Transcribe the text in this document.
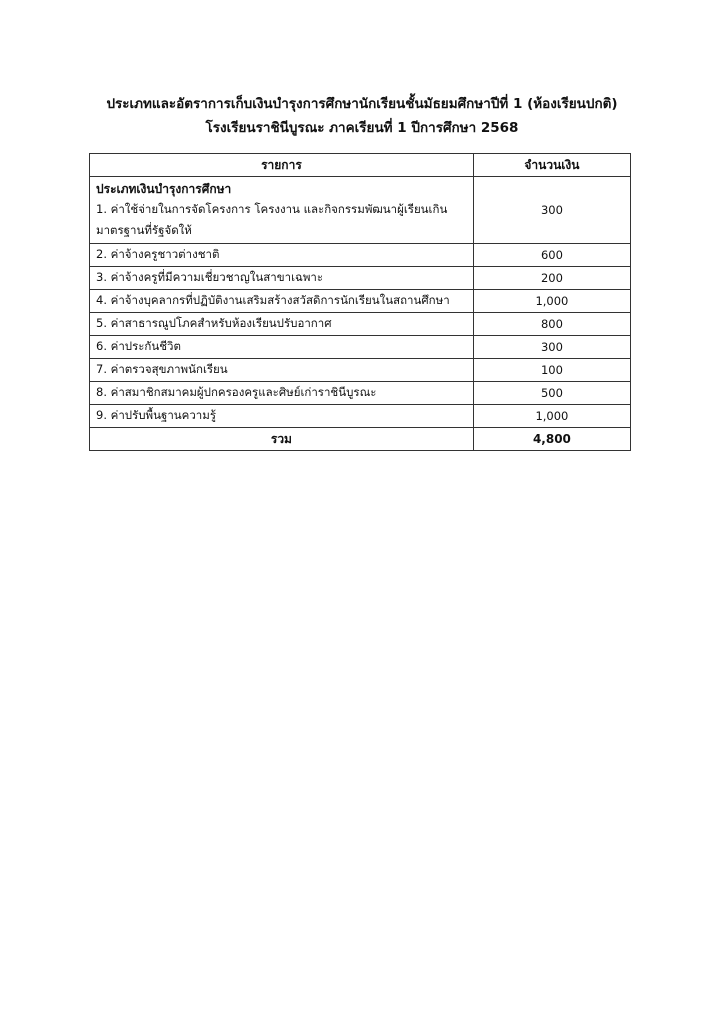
ประเภทและอัตราการเก็บเงินบำรุงการศึกษานักเรียนชั้นมัธยมศึกษาปีที่ 1 (ห้องเรียนปกติ)
โรงเรียนราชินีบูรณะ ภาคเรียนที่ 1 ปีการศึกษา 2568
รายการ	จำนวนเงิน

ประเภทเงินบำรุงการศึกษา
1. ค่าใช้จ่ายในการจัดโครงการ โครงงาน และกิจกรรมพัฒนาผู้เรียนเกินมาตรฐานที่รัฐจัดให้	300
2. ค่าจ้างครูชาวต่างชาติ	600
3. ค่าจ้างครูที่มีความเชี่ยวชาญในสาขาเฉพาะ	200
4. ค่าจ้างบุคลากรที่ปฏิบัติงานเสริมสร้างสวัสดิการนักเรียนในสถานศึกษา	1,000
5. ค่าสาธารณูปโภคสำหรับห้องเรียนปรับอากาศ	800
6. ค่าประกันชีวิต	300
7. ค่าตรวจสุขภาพนักเรียน	100
8. ค่าสมาชิกสมาคมผู้ปกครองครูและศิษย์เก่าราชินีบูรณะ	500
9. ค่าปรับพื้นฐานความรู้	1,000
รวม	4,800
